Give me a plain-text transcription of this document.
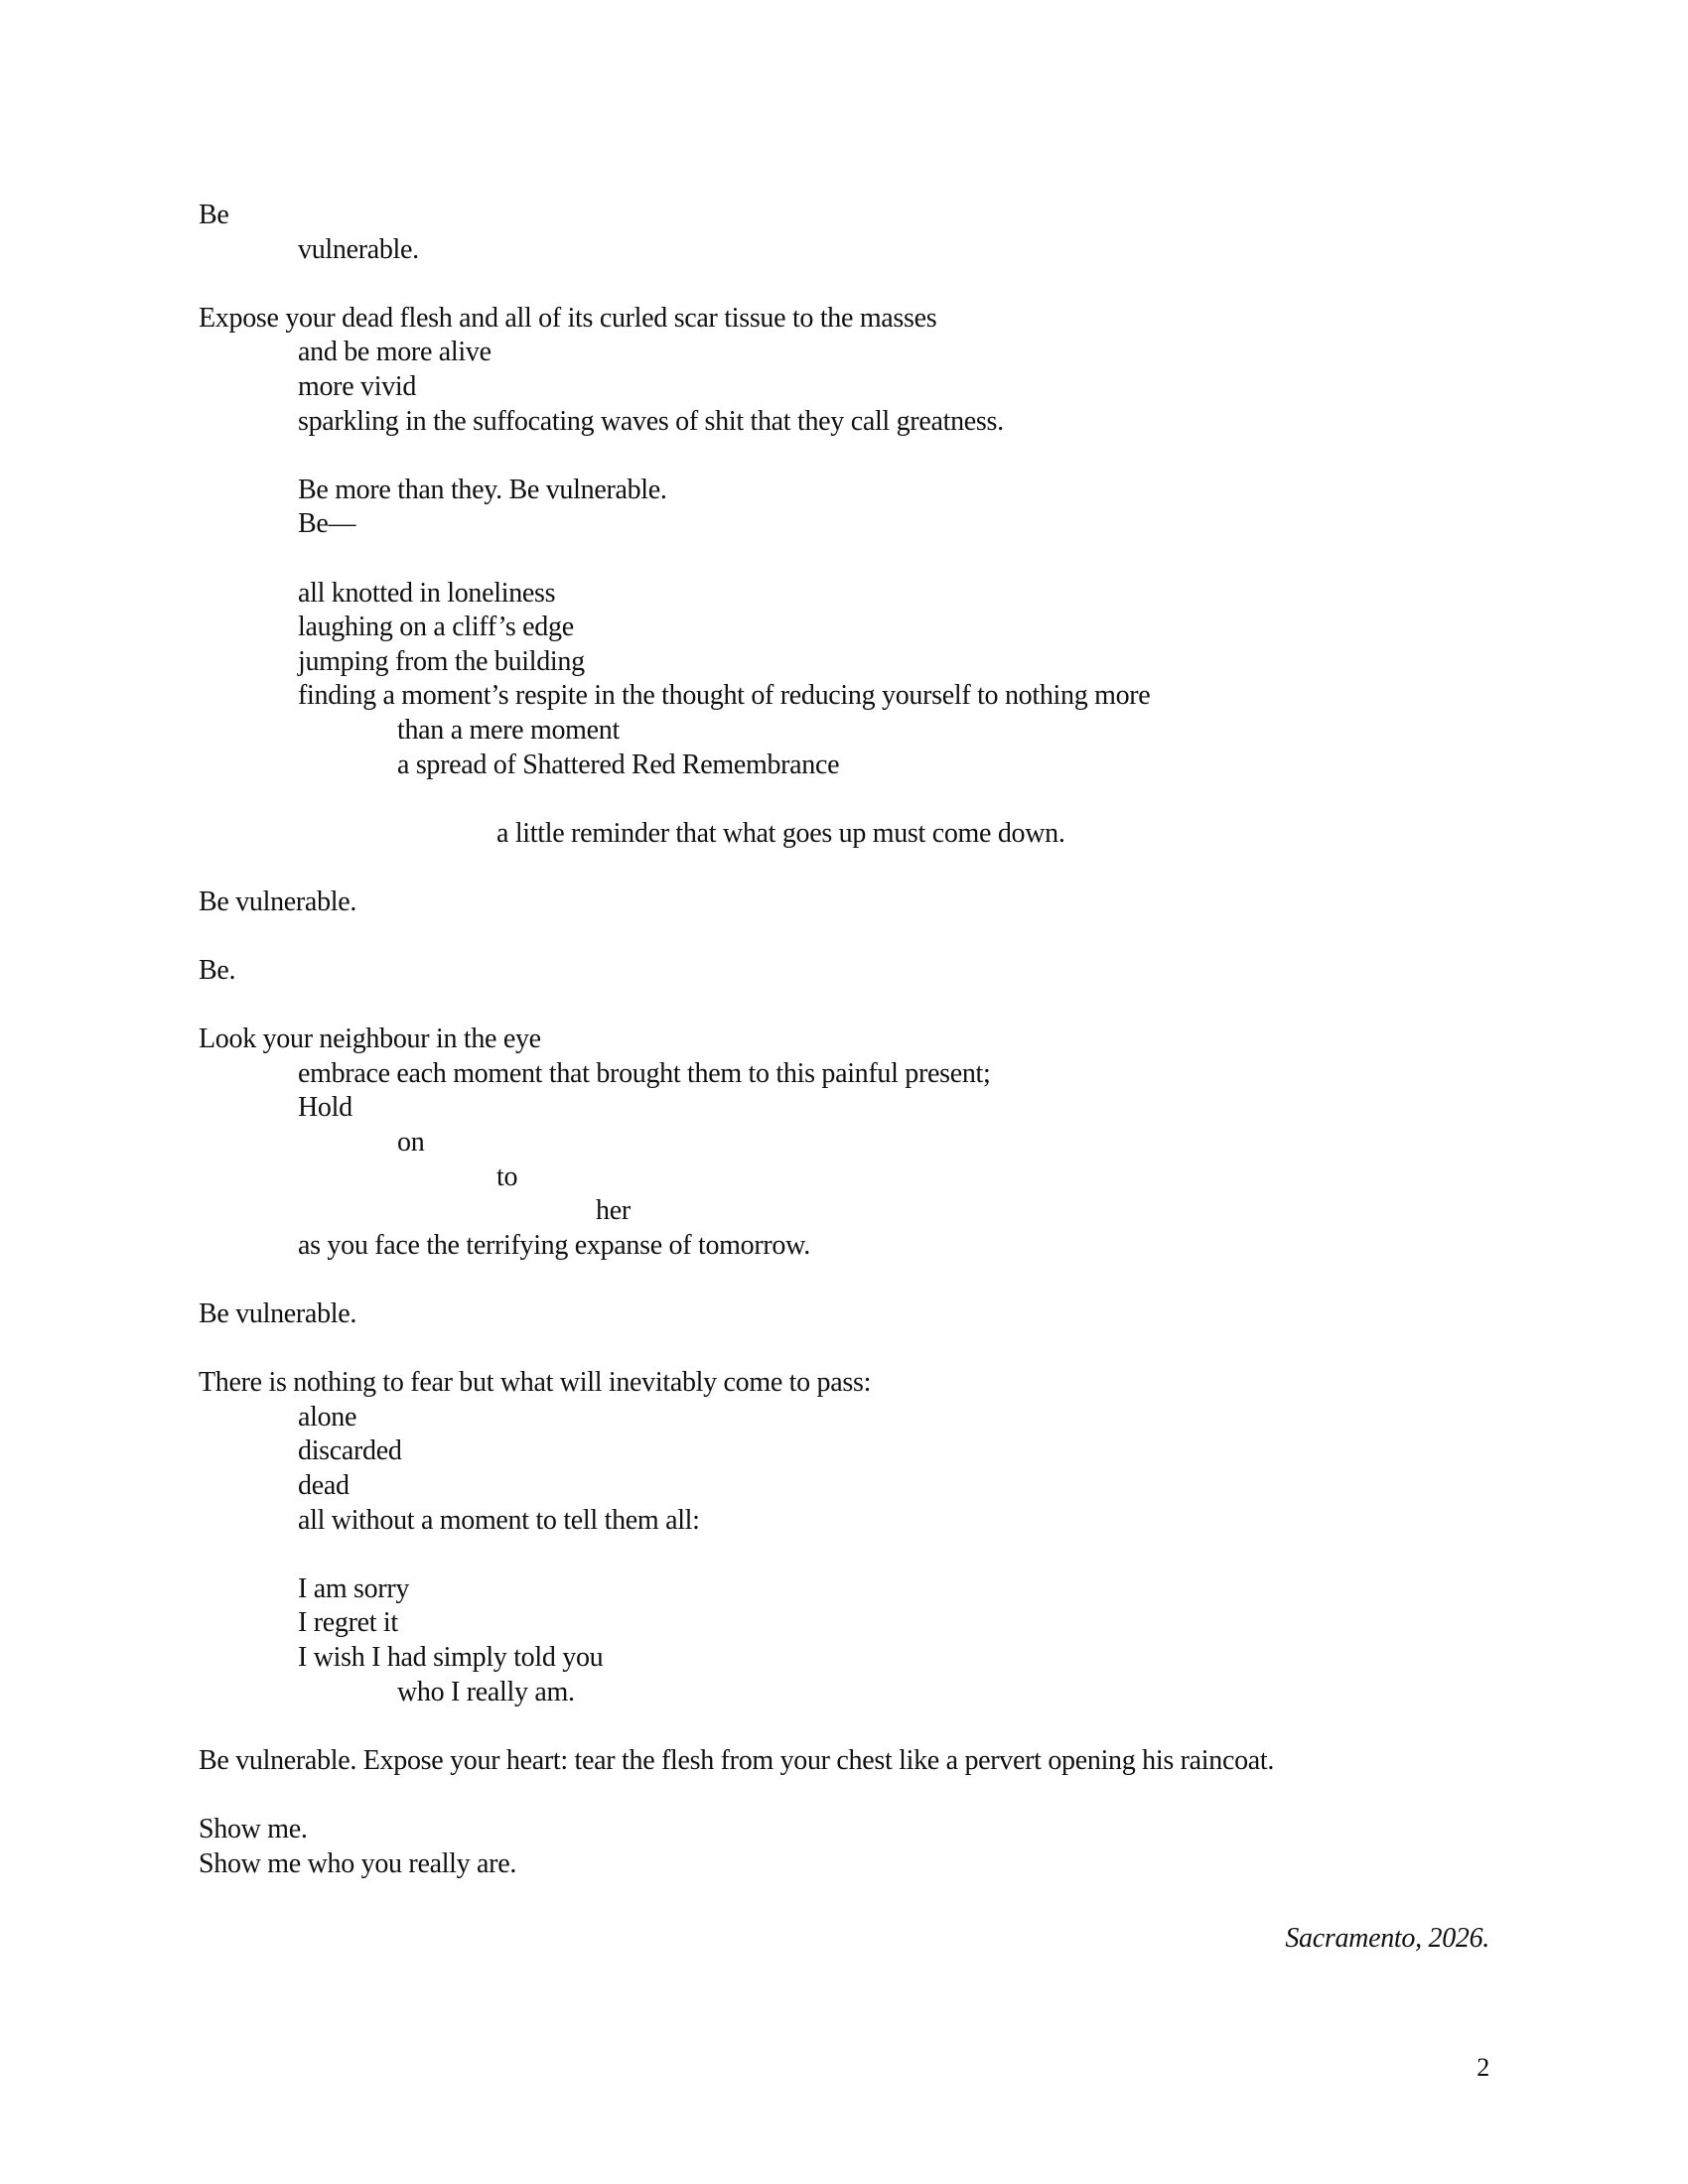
Be
vulnerable.
Expose your dead flesh and all of its curled scar tissue to the masses
and be more alive
more vivid
sparkling in the suffocating waves of shit that they call greatness.
Be more than they. Be vulnerable.
Be—
all knotted in loneliness
laughing on a cliff’s edge
jumping from the building
finding a moment’s respite in the thought of reducing yourself to nothing more
than a mere moment
a spread of Shattered Red Remembrance
a little reminder that what goes up must come down.
Be vulnerable.
Be.
Look your neighbour in the eye
embrace each moment that brought them to this painful present;
Hold
on
to
her
as you face the terrifying expanse of tomorrow.
Be vulnerable.
There is nothing to fear but what will inevitably come to pass:
alone
discarded
dead
all without a moment to tell them all:
I am sorry
I regret it
I wish I had simply told you
who I really am.
Be vulnerable. Expose your heart: tear the flesh from your chest like a pervert opening his raincoat.
Show me.
Show me who you really are.
Sacramento, 2026.
2
